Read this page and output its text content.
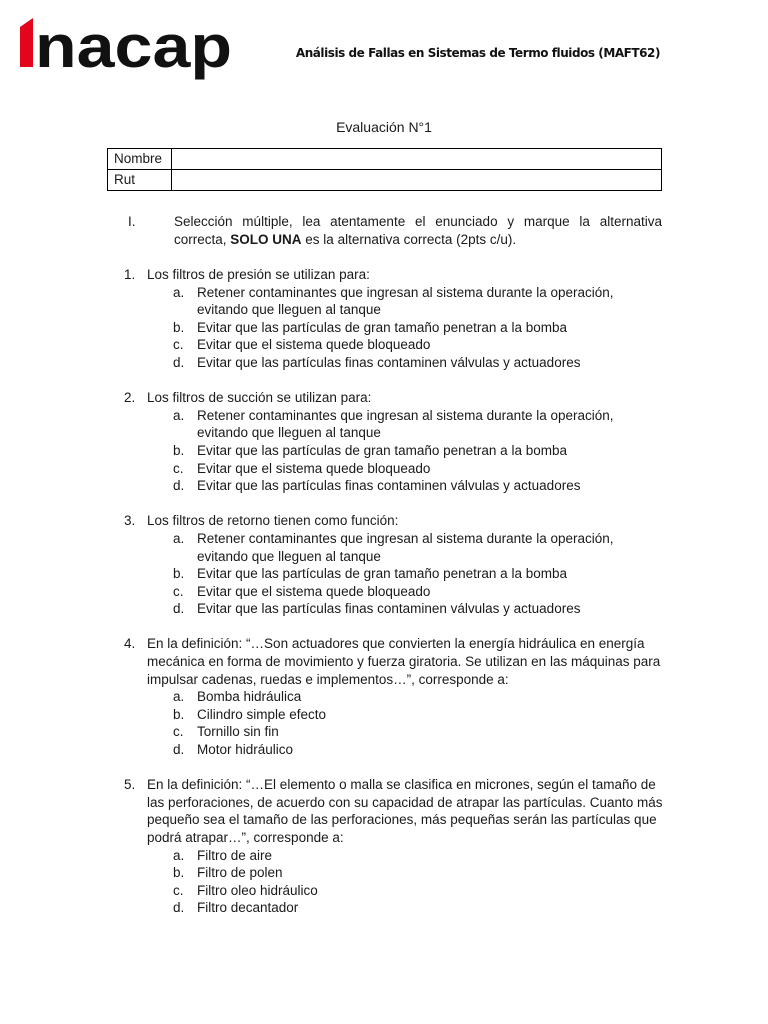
nacap	Análisis de Fallas en Sistemas de Termo fluidos (MAFT62)
Evaluación N°1
Nombre	
Rut	
I.	Selección múltiple, lea atentamente el enunciado y marque la alternativa correcta, SOLO UNA es la alternativa correcta (2pts c/u).
1. Los filtros de presión se utilizan para:
a. Retener contaminantes que ingresan al sistema durante la operación, evitando que lleguen al tanque
b. Evitar que las partículas de gran tamaño penetran a la bomba
c. Evitar que el sistema quede bloqueado
d. Evitar que las partículas finas contaminen válvulas y actuadores
2. Los filtros de succión se utilizan para:
a. Retener contaminantes que ingresan al sistema durante la operación, evitando que lleguen al tanque
b. Evitar que las partículas de gran tamaño penetran a la bomba
c. Evitar que el sistema quede bloqueado
d. Evitar que las partículas finas contaminen válvulas y actuadores
3. Los filtros de retorno tienen como función:
a. Retener contaminantes que ingresan al sistema durante la operación, evitando que lleguen al tanque
b. Evitar que las partículas de gran tamaño penetran a la bomba
c. Evitar que el sistema quede bloqueado
d. Evitar que las partículas finas contaminen válvulas y actuadores
4. En la definición: “…Son actuadores que convierten la energía hidráulica en energía mecánica en forma de movimiento y fuerza giratoria. Se utilizan en las máquinas para impulsar cadenas, ruedas e implementos…”, corresponde a:
a. Bomba hidráulica
b. Cilindro simple efecto
c. Tornillo sin fin
d. Motor hidráulico
5. En la definición: “…El elemento o malla se clasifica en micrones, según el tamaño de las perforaciones, de acuerdo con su capacidad de atrapar las partículas. Cuanto más pequeño sea el tamaño de las perforaciones, más pequeñas serán las partículas que podrá atrapar…”, corresponde a:
a. Filtro de aire
b. Filtro de polen
c. Filtro oleo hidráulico
d. Filtro decantador
